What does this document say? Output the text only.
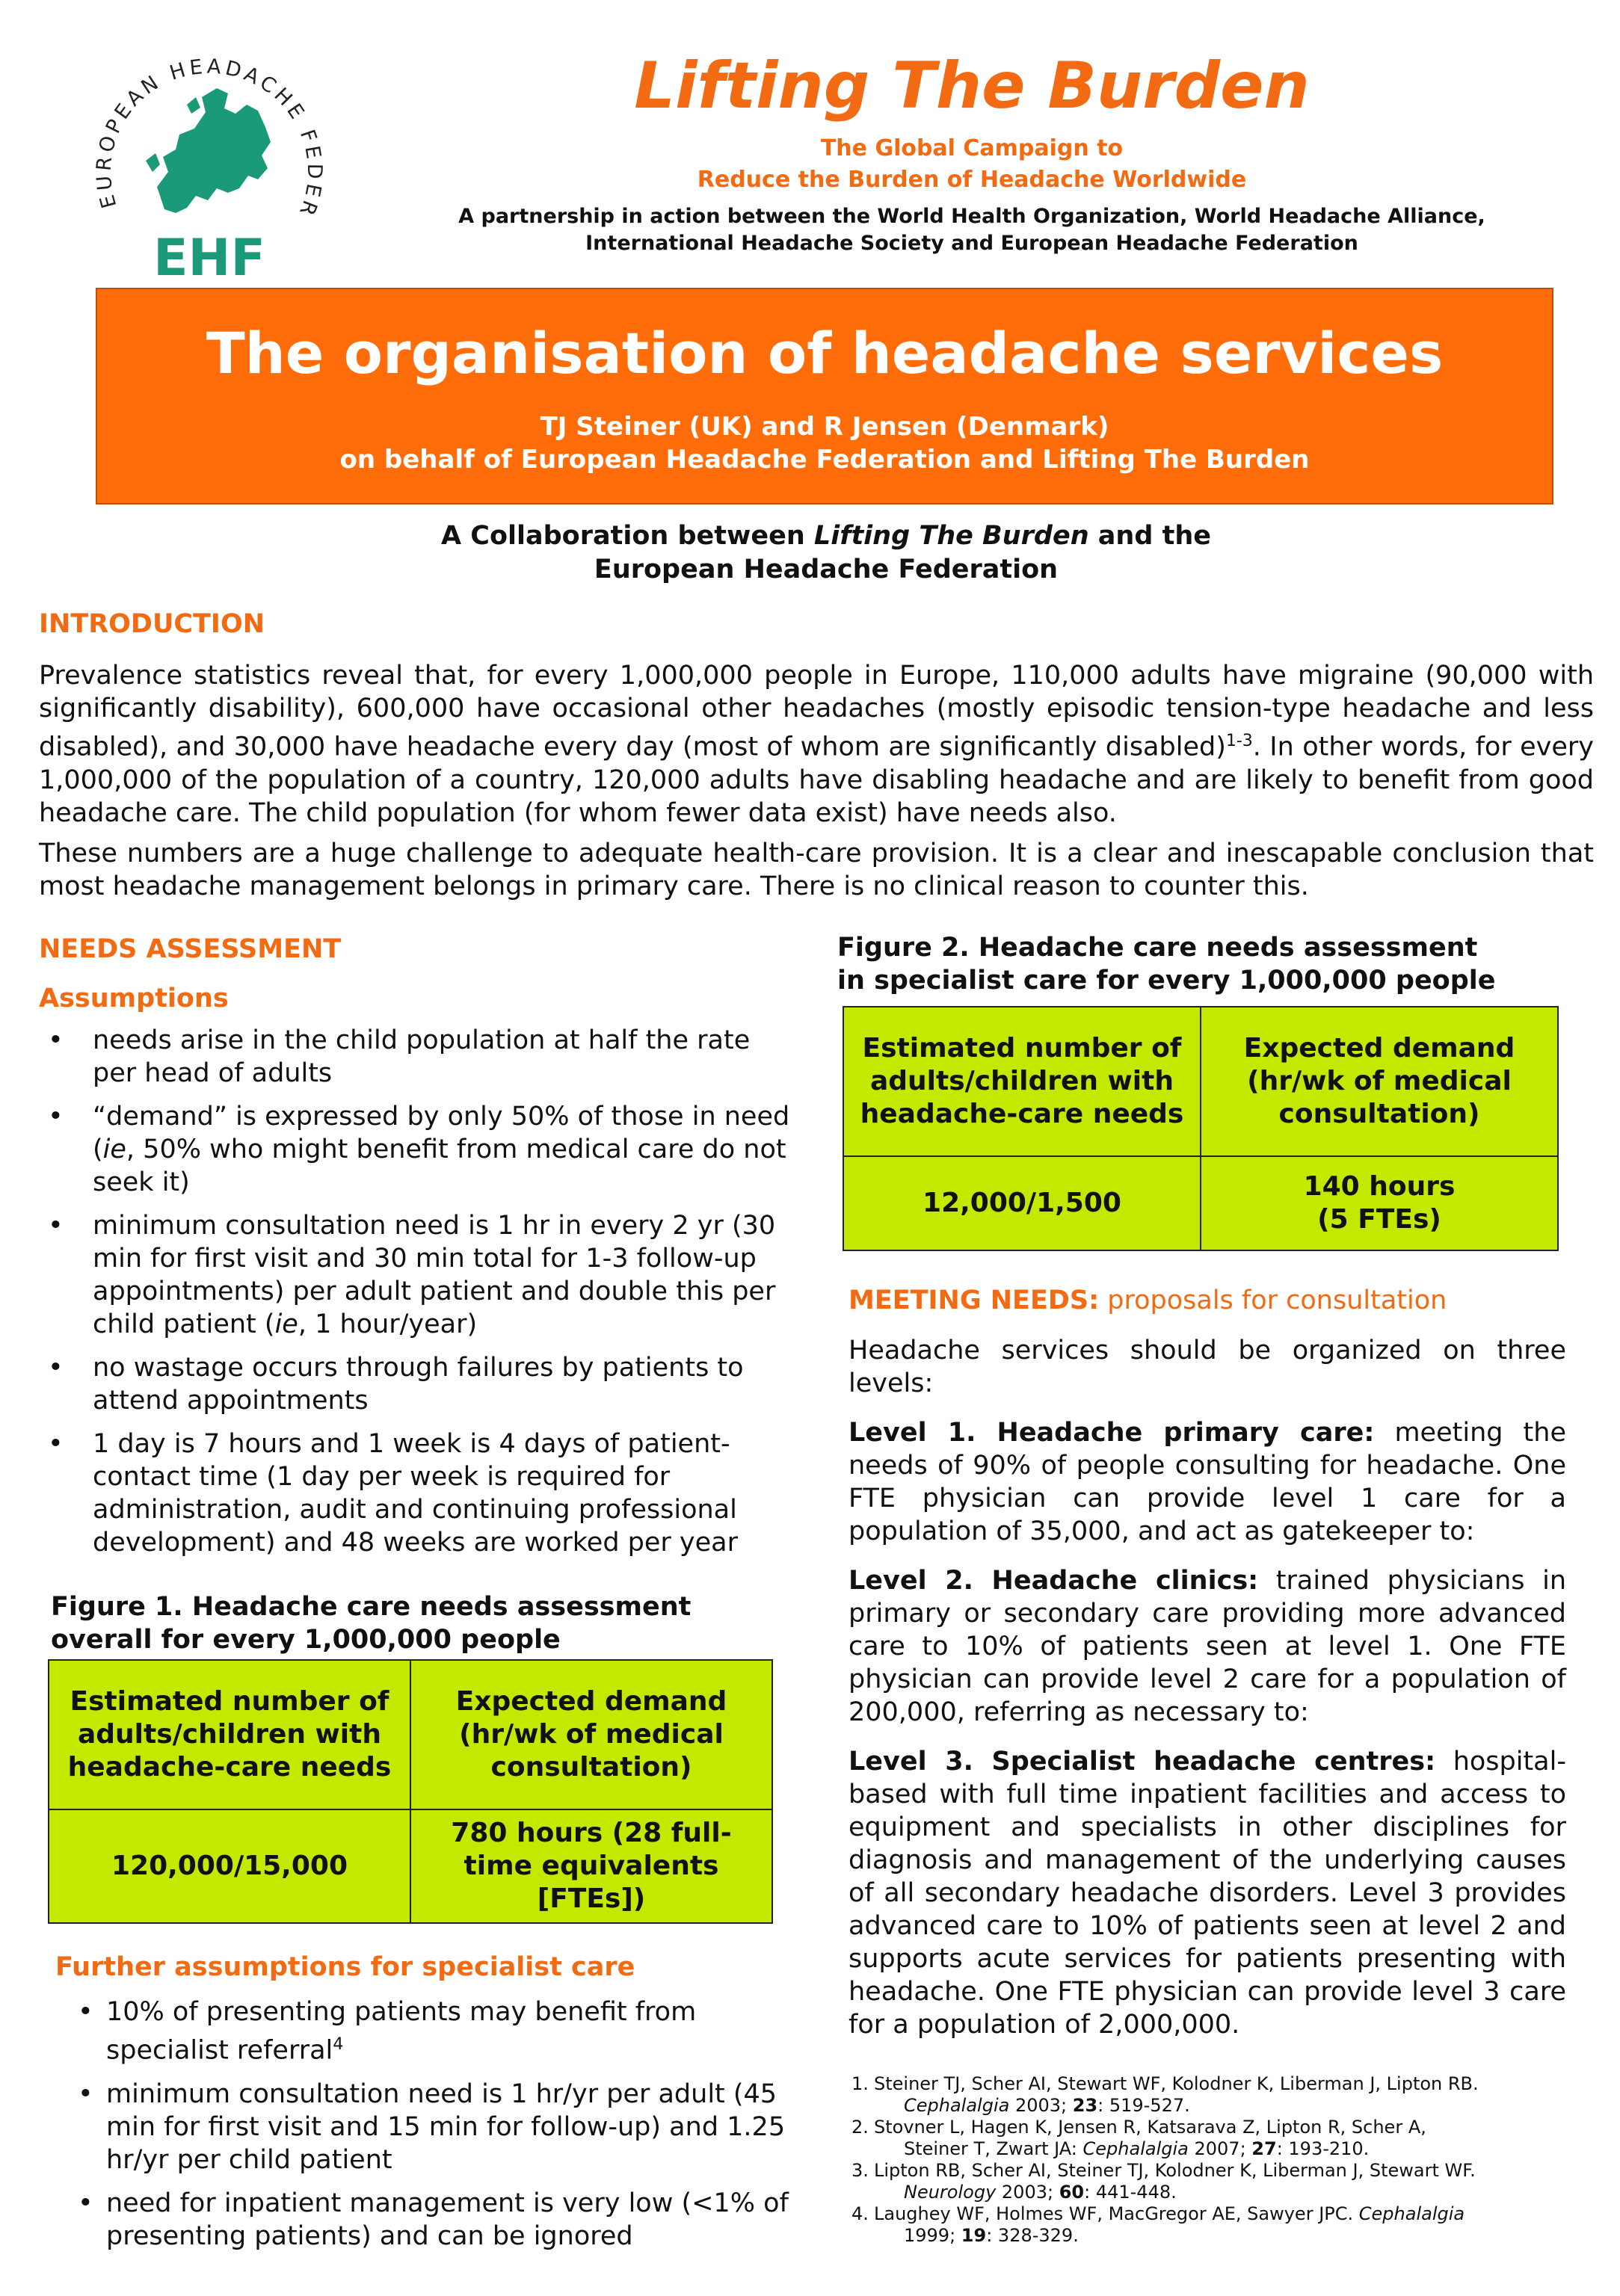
EUROPEAN HEADACHE FEDER
EHF
Lifting The Burden
The Global Campaign to
Reduce the Burden of Headache Worldwide
A partnership in action between the World Health Organization, World Headache Alliance,
International Headache Society and European Headache Federation
The organisation of headache services
TJ Steiner (UK) and R Jensen (Denmark)
on behalf of European Headache Federation and Lifting The Burden
A Collaboration between Lifting The Burden and the
European Headache Federation
INTRODUCTION
Prevalence statistics reveal that, for every 1,000,000 people in Europe, 110,000 adults have migraine (90,000 with significantly disability), 600,000 have occasional other headaches (mostly episodic tension-type headache and less disabled), and 30,000 have headache every day (most of whom are significantly disabled)$^{1-3}$. In other words, for every 1,000,000 of the population of a country, 120,000 adults have disabling headache and are likely to benefit from good headache care. The child population (for whom fewer data exist) have needs also.
These numbers are a huge challenge to adequate health-care provision. It is a clear and inescapable conclusion that most headache management belongs in primary care. There is no clinical reason to counter this.
NEEDS ASSESSMENT
Assumptions
• needs arise in the child population at half the rate per head of adults
• “demand” is expressed by only 50% of those in need (ie, 50% who might benefit from medical care do not seek it)
• minimum consultation need is 1 hr in every 2 yr (30 min for first visit and 30 min total for 1-3 follow-up appointments) per adult patient and double this per child patient (ie, 1 hour/year)
• no wastage occurs through failures by patients to attend appointments
• 1 day is 7 hours and 1 week is 4 days of patient-contact time (1 day per week is required for administration, audit and continuing professional development) and 48 weeks are worked per year
Figure 1. Headache care needs assessment
overall for every 1,000,000 people
Estimated number of adults/children with headache-care needs	Expected demand (hr/wk of medical consultation)
120,000/15,000	780 hours (28 full-time equivalents [FTEs])
Further assumptions for specialist care
• 10% of presenting patients may benefit from specialist referral$^4$
• minimum consultation need is 1 hr/yr per adult (45 min for first visit and 15 min for follow-up) and 1.25 hr/yr per child patient
• need for inpatient management is very low (<1% of presenting patients) and can be ignored
Figure 2. Headache care needs assessment
in specialist care for every 1,000,000 people
Estimated number of adults/children with headache-care needs	Expected demand (hr/wk of medical consultation)
12,000/1,500	140 hours
(5 FTEs)
MEETING NEEDS: proposals for consultation

Headache services should be organized on three levels:

Level 1. Headache primary care: meeting the needs of 90% of people consulting for headache. One FTE physician can provide level 1 care for a population of 35,000, and act as gatekeeper to:

Level 2. Headache clinics: trained physicians in primary or secondary care providing more advanced care to 10% of patients seen at level 1. One FTE physician can provide level 2 care for a population of 200,000, referring as necessary to:

Level 3. Specialist headache centres: hospital-based with full time inpatient facilities and access to equipment and specialists in other disciplines for diagnosis and management of the underlying causes of all secondary headache disorders. Level 3 provides advanced care to 10% of patients seen at level 2 and supports acute services for patients presenting with headache. One FTE physician can provide level 3 care for a population of 2,000,000.

1. Steiner TJ, Scher AI, Stewart WF, Kolodner K, Liberman J, Lipton RB.
Cephalalgia 2003; 23: 519-527.
2. Stovner L, Hagen K, Jensen R, Katsarava Z, Lipton R, Scher A,
Steiner T, Zwart JA: Cephalalgia 2007; 27: 193-210.
3. Lipton RB, Scher AI, Steiner TJ, Kolodner K, Liberman J, Stewart WF.
Neurology 2003; 60: 441-448.
4. Laughey WF, Holmes WF, MacGregor AE, Sawyer JPC. Cephalalgia
1999; 19: 328-329.
